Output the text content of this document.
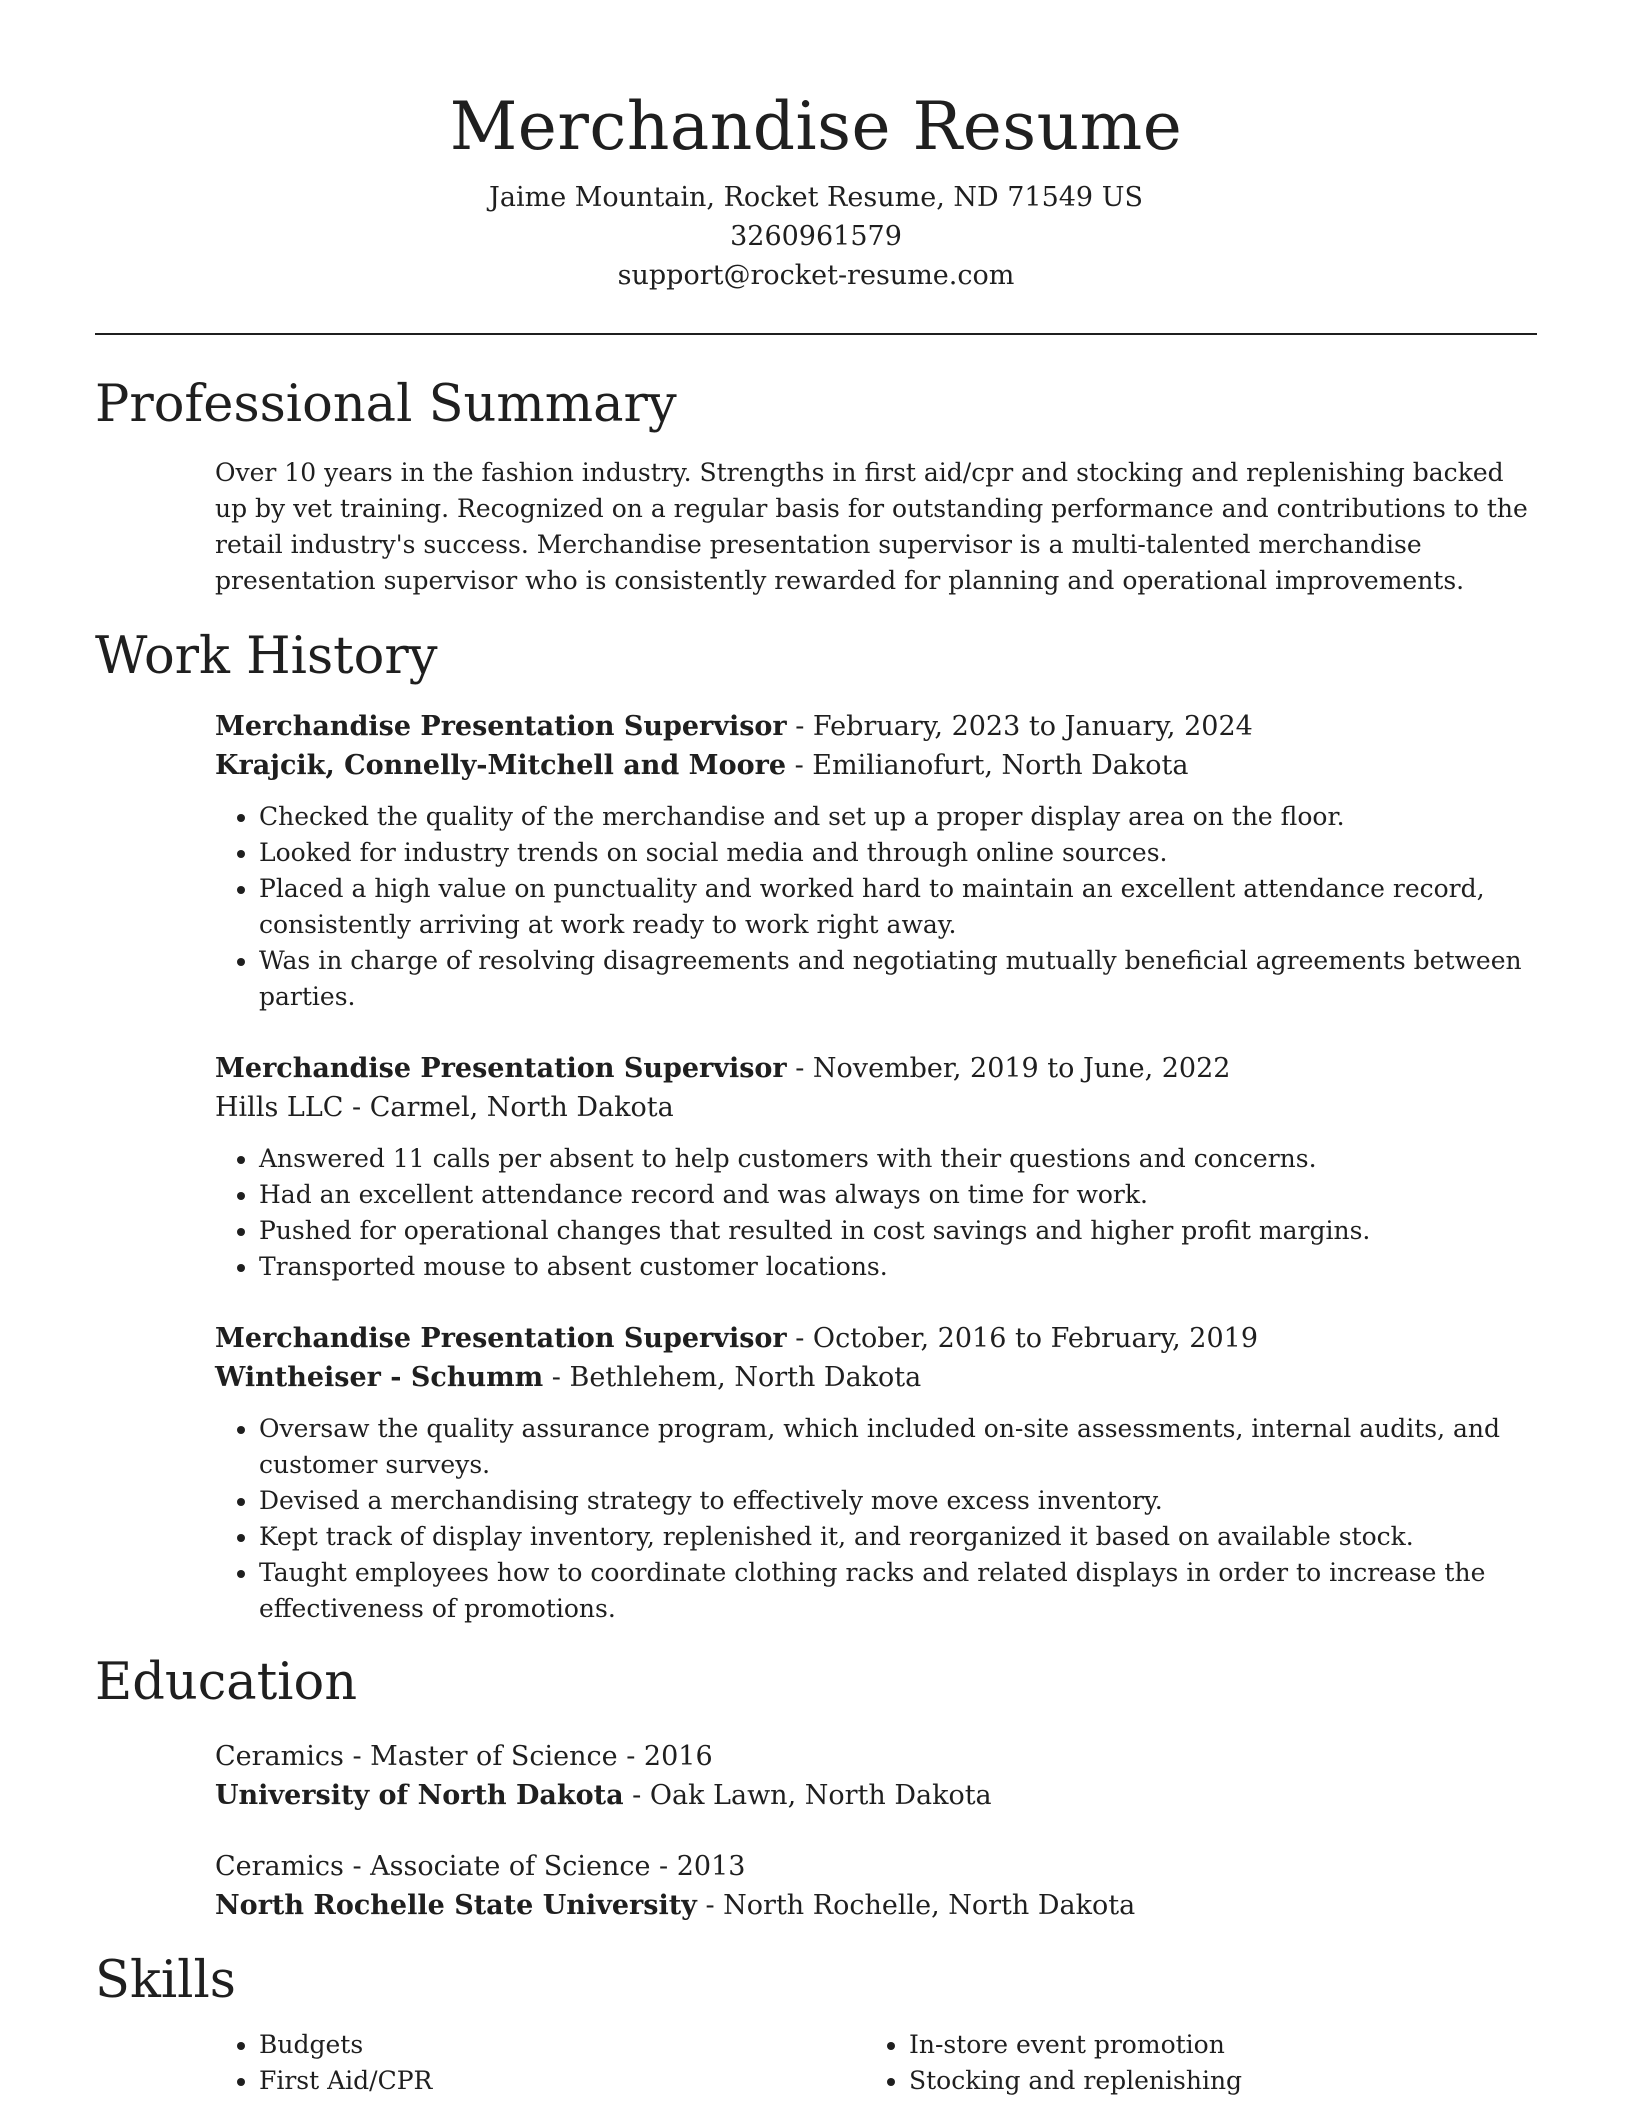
Merchandise Resume
Jaime Mountain, Rocket Resume, ND 71549 US
3260961579
support@rocket-resume.com
Professional Summary
Over 10 years in the fashion industry. Strengths in first aid/cpr and stocking and replenishing backed up by vet training. Recognized on a regular basis for outstanding performance and contributions to the retail industry's success. Merchandise presentation supervisor is a multi-talented merchandise presentation supervisor who is consistently rewarded for planning and operational improvements.
Work History
Merchandise Presentation Supervisor - February, 2023 to January, 2024
Krajcik, Connelly-Mitchell and Moore - Emilianofurt, North Dakota
• Checked the quality of the merchandise and set up a proper display area on the floor.
• Looked for industry trends on social media and through online sources.
• Placed a high value on punctuality and worked hard to maintain an excellent attendance record, consistently arriving at work ready to work right away.
• Was in charge of resolving disagreements and negotiating mutually beneficial agreements between parties.
Merchandise Presentation Supervisor - November, 2019 to June, 2022
Hills LLC - Carmel, North Dakota
• Answered 11 calls per absent to help customers with their questions and concerns.
• Had an excellent attendance record and was always on time for work.
• Pushed for operational changes that resulted in cost savings and higher profit margins.
• Transported mouse to absent customer locations.
Merchandise Presentation Supervisor - October, 2016 to February, 2019
Wintheiser - Schumm - Bethlehem, North Dakota
• Oversaw the quality assurance program, which included on-site assessments, internal audits, and customer surveys.
• Devised a merchandising strategy to effectively move excess inventory.
• Kept track of display inventory, replenished it, and reorganized it based on available stock.
• Taught employees how to coordinate clothing racks and related displays in order to increase the effectiveness of promotions.
Education
Ceramics - Master of Science - 2016
University of North Dakota - Oak Lawn, North Dakota
Ceramics - Associate of Science - 2013
North Rochelle State University - North Rochelle, North Dakota
Skills
• Budgets
• First Aid/CPR
• In-store event promotion
• Stocking and replenishing
